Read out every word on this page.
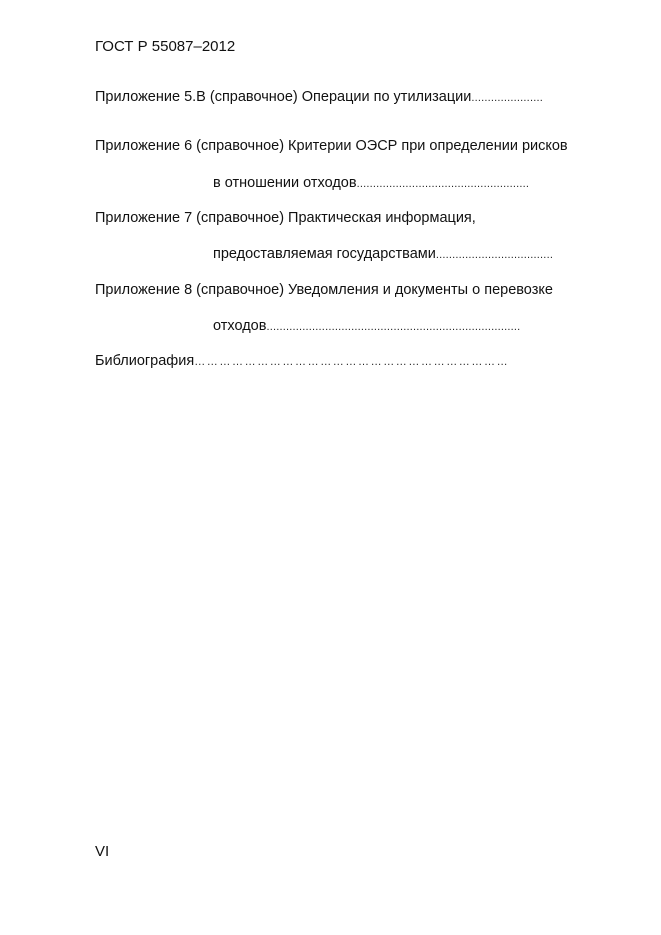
ГОСТ Р 55087–2012
Приложение 5.В (справочное) Операции по утилизации......................
Приложение 6 (справочное) Критерии ОЭСР при определении рисков
в отношении отходов.....................................................
Приложение 7 (справочное) Практическая информация,
предоставляемая государствами....................................
Приложение 8 (справочное) Уведомления и документы о перевозке
отходов..............................................................................
Библиография…………………………………………………………………
VI
